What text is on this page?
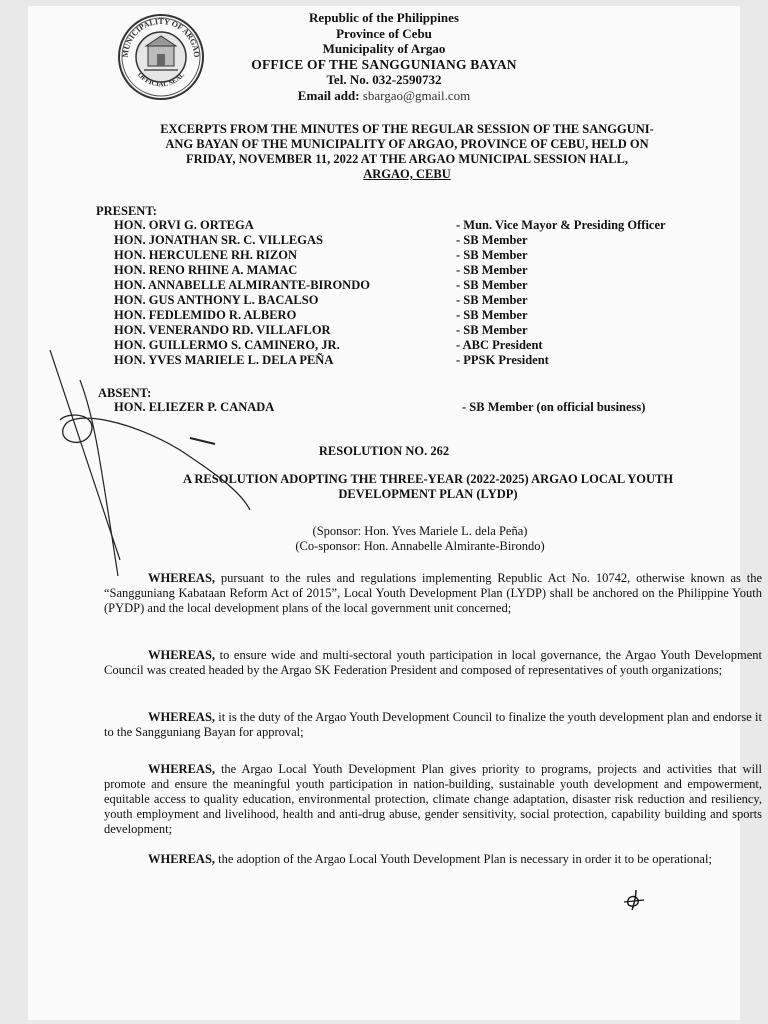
MUNICIPALITY OF ARGAO
OFFICIAL SEAL
Republic of the Philippines
Province of Cebu
Municipality of Argao
OFFICE OF THE SANGGUNIANG BAYAN
Tel. No. 032-2590732
Email add: sbargao@gmail.com
EXCERPTS FROM THE MINUTES OF THE REGULAR SESSION OF THE SANGGUNI-
ANG BAYAN OF THE MUNICIPALITY OF ARGAO, PROVINCE OF CEBU, HELD ON
FRIDAY, NOVEMBER 11, 2022 AT THE ARGAO MUNICIPAL SESSION HALL,
ARGAO, CEBU
PRESENT:
HON. ORVI G. ORTEGA	- Mun. Vice Mayor & Presiding Officer
HON. JONATHAN SR. C. VILLEGAS	- SB Member
HON. HERCULENE RH. RIZON	- SB Member
HON. RENO RHINE A. MAMAC	- SB Member
HON. ANNABELLE ALMIRANTE-BIRONDO	- SB Member
HON. GUS ANTHONY L. BACALSO	- SB Member
HON. FEDLEMIDO R. ALBERO	- SB Member
HON. VENERANDO RD. VILLAFLOR	- SB Member
HON. GUILLERMO S. CAMINERO, JR.	- ABC President
HON. YVES MARIELE L. DELA PEÑA	- PPSK President
ABSENT:
HON. ELIEZER P. CANADA	- SB Member (on official business)
RESOLUTION NO. 262
A RESOLUTION ADOPTING THE THREE-YEAR (2022-2025) ARGAO LOCAL YOUTH
DEVELOPMENT PLAN (LYDP)
(Sponsor: Hon. Yves Mariele L. dela Peña)
(Co-sponsor: Hon. Annabelle Almirante-Birondo)
WHEREAS, pursuant to the rules and regulations implementing Republic Act No. 10742, otherwise known as the “Sangguniang Kabataan Reform Act of 2015”, Local Youth Development Plan (LYDP) shall be anchored on the Philippine Youth (PYDP) and the local development plans of the local government unit concerned;
WHEREAS, to ensure wide and multi-sectoral youth participation in local governance, the Argao Youth Development Council was created headed by the Argao SK Federation President and composed of representatives of youth organizations;
WHEREAS, it is the duty of the Argao Youth Development Council to finalize the youth development plan and endorse it to the Sangguniang Bayan for approval;
WHEREAS, the Argao Local Youth Development Plan gives priority to programs, projects and activities that will promote and ensure the meaningful youth participation in nation-building, sustainable youth development and empowerment, equitable access to quality education, environmental protection, climate change adaptation, disaster risk reduction and resiliency, youth employment and livelihood, health and anti-drug abuse, gender sensitivity, social protection, capability building and sports development;
WHEREAS, the adoption of the Argao Local Youth Development Plan is necessary in order it to be operational;
